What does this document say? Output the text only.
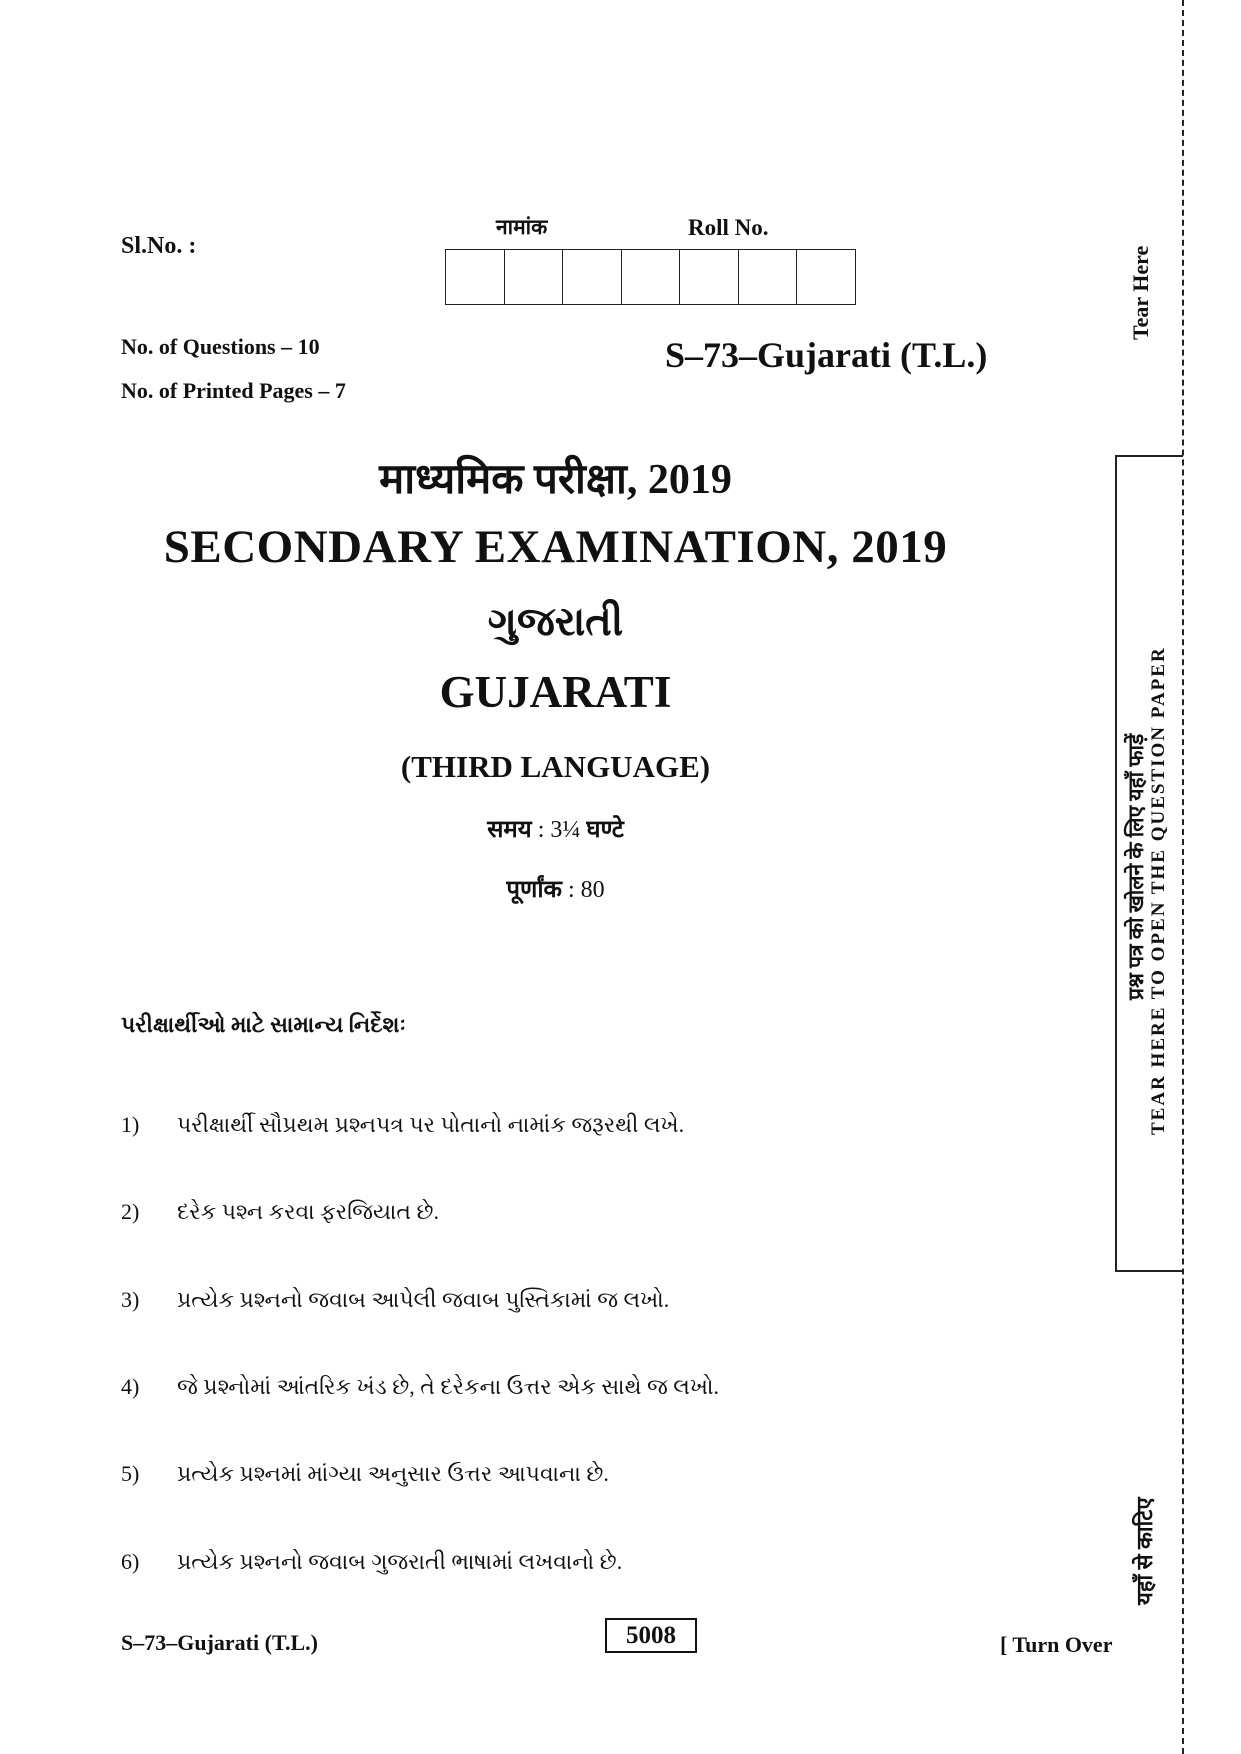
Sl.No. :
नामांक	Roll No.
No. of Questions – 10
No. of Printed Pages – 7
S–73–Gujarati (T.L.)
माध्यमिक परीक्षा, 2019
SECONDARY EXAMINATION, 2019
ગુજરાતી
GUJARATI
(THIRD LANGUAGE)
समय : 3¼ घण्टे
पूर्णांक : 80
પરીક્ષાર્થીઓ માટે સામાન્ય નિર્દેશઃ
1)	પરીક્ષાર્થી સૌપ્રથમ પ્રશ્નપત્ર પર પોતાનો નામાંક જરૂરથી લખે.
2)	દરેક પશ્ન કરવા ફરજિયાત છે.
3)	પ્રત્યેક પ્રશ્નનો જવાબ આપેલી જવાબ પુસ્તિકામાં જ લખો.
4)	જે પ્રશ્નોમાં આંતરિક ખંડ છે, તે દરેકના ઉત્તર એક સાથે જ લખો.
5)	પ્રત્યેક પ્રશ્નમાં માંગ્યા અનુસાર ઉત્તર આપવાના છે.
6)	પ્રત્યેક પ્રશ્નનો જવાબ ગુજરાતી ભાષામાં લખવાનો છે.
S–73–Gujarati (T.L.)	5008	[ Turn Over
Tear Here
प्रश्न पत्र को खोलने के लिए यहाँ फाड़ें TEAR HERE TO OPEN THE QUESTION PAPER
यहाँ से काटिए
